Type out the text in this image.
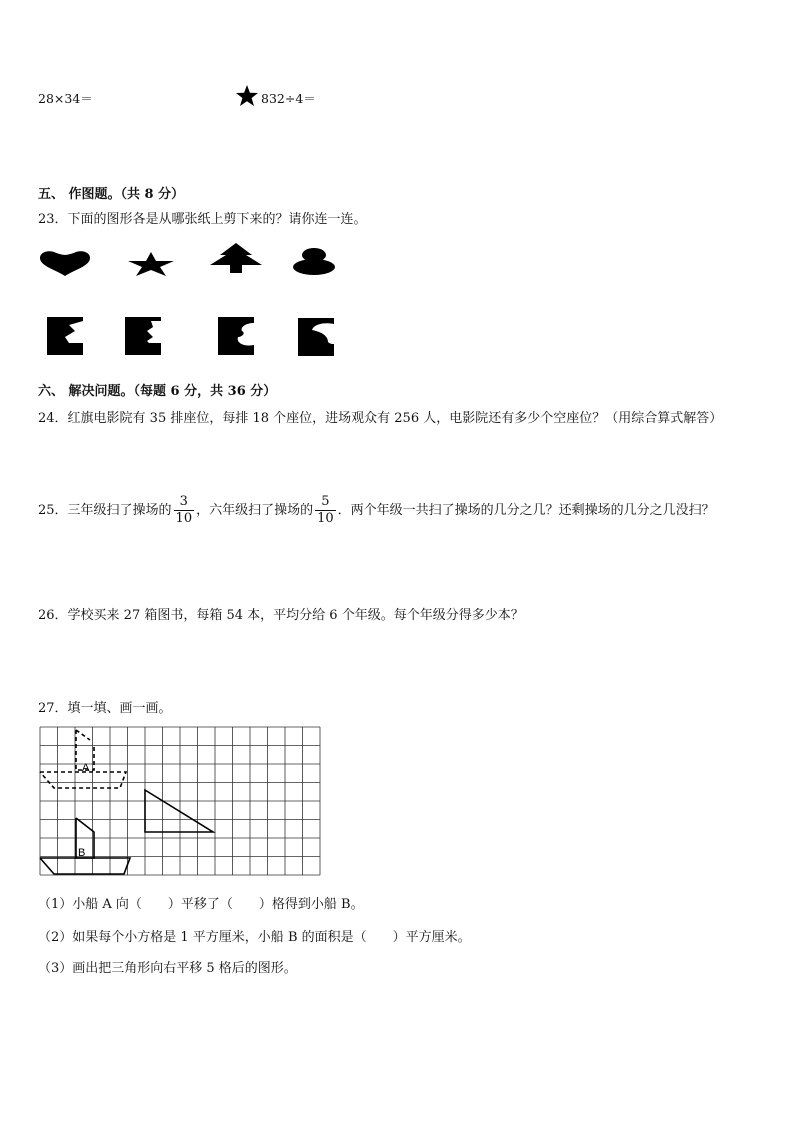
28×34＝	832÷4＝
五、 作图题。（共 8 分）
23．下面的图形各是从哪张纸上剪下来的？请你连一连。
六、 解决问题。（每题 6 分，共 36 分）
24．红旗电影院有 35 排座位，每排 18 个座位，进场观众有 256 人，电影院还有多少个空座位？（用综合算式解答）
25．三年级扫了操场的 $\frac{3}{10}$ ，六年级扫了操场的 $\frac{5}{10}$ ．两个年级一共扫了操场的几分之几？还剩操场的几分之几没扫？
26．学校买来 27 箱图书，每箱 54 本，平均分给 6 个年级。每个年级分得多少本？
27．填一填、画一画。
A
B
（1）小船 A 向（　　）平移了（　　）格得到小船 B。
（2）如果每个小方格是 1 平方厘米，小船 B 的面积是（　　）平方厘米。
（3）画出把三角形向右平移 5 格后的图形。
